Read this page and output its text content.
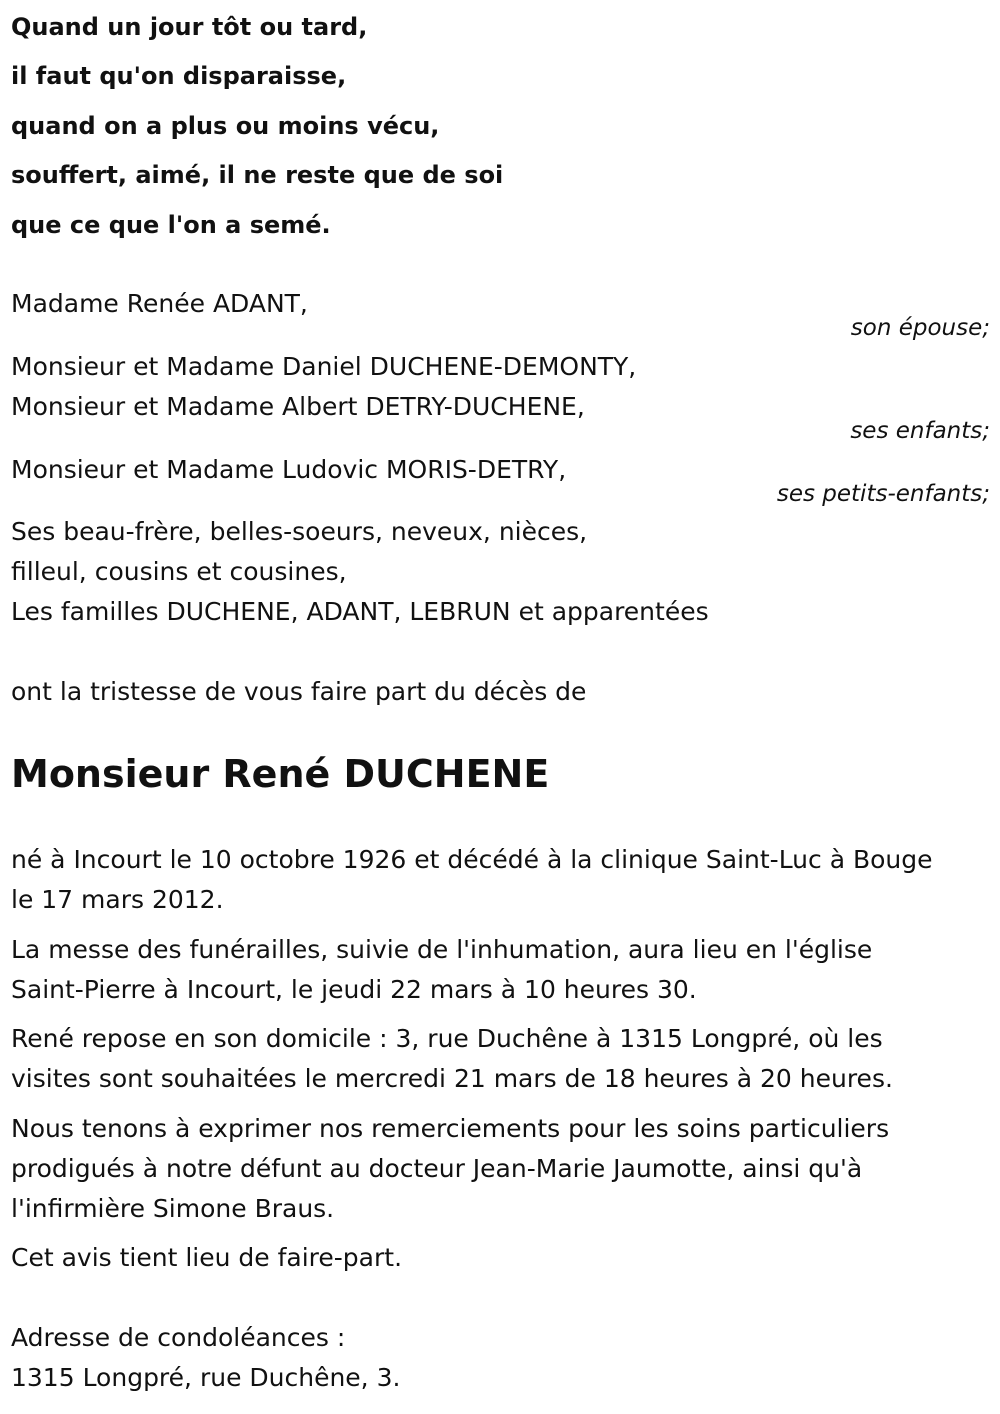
Quand un jour tôt ou tard,
il faut qu'on disparaisse,
quand on a plus ou moins vécu,
souffert, aimé, il ne reste que de soi
que ce que l'on a semé.
Madame Renée ADANT,
son épouse;
Monsieur et Madame Daniel DUCHENE-DEMONTY,
Monsieur et Madame Albert DETRY-DUCHENE,
ses enfants;
Monsieur et Madame Ludovic MORIS-DETRY,
ses petits-enfants;
Ses beau-frère, belles-soeurs, neveux, nièces,
filleul, cousins et cousines,
Les familles DUCHENE, ADANT, LEBRUN et apparentées
ont la tristesse de vous faire part du décès de
Monsieur René DUCHENE
né à Incourt le 10 octobre 1926 et décédé à la clinique Saint-Luc à Bouge
le 17 mars 2012.
La messe des funérailles, suivie de l'inhumation, aura lieu en l'église
Saint-Pierre à Incourt, le jeudi 22 mars à 10 heures 30.
René repose en son domicile : 3, rue Duchêne à 1315 Longpré, où les
visites sont souhaitées le mercredi 21 mars de 18 heures à 20 heures.
Nous tenons à exprimer nos remerciements pour les soins particuliers
prodigués à notre défunt au docteur Jean-Marie Jaumotte, ainsi qu'à
l'infirmière Simone Braus.
Cet avis tient lieu de faire-part.
Adresse de condoléances :
1315 Longpré, rue Duchêne, 3.
